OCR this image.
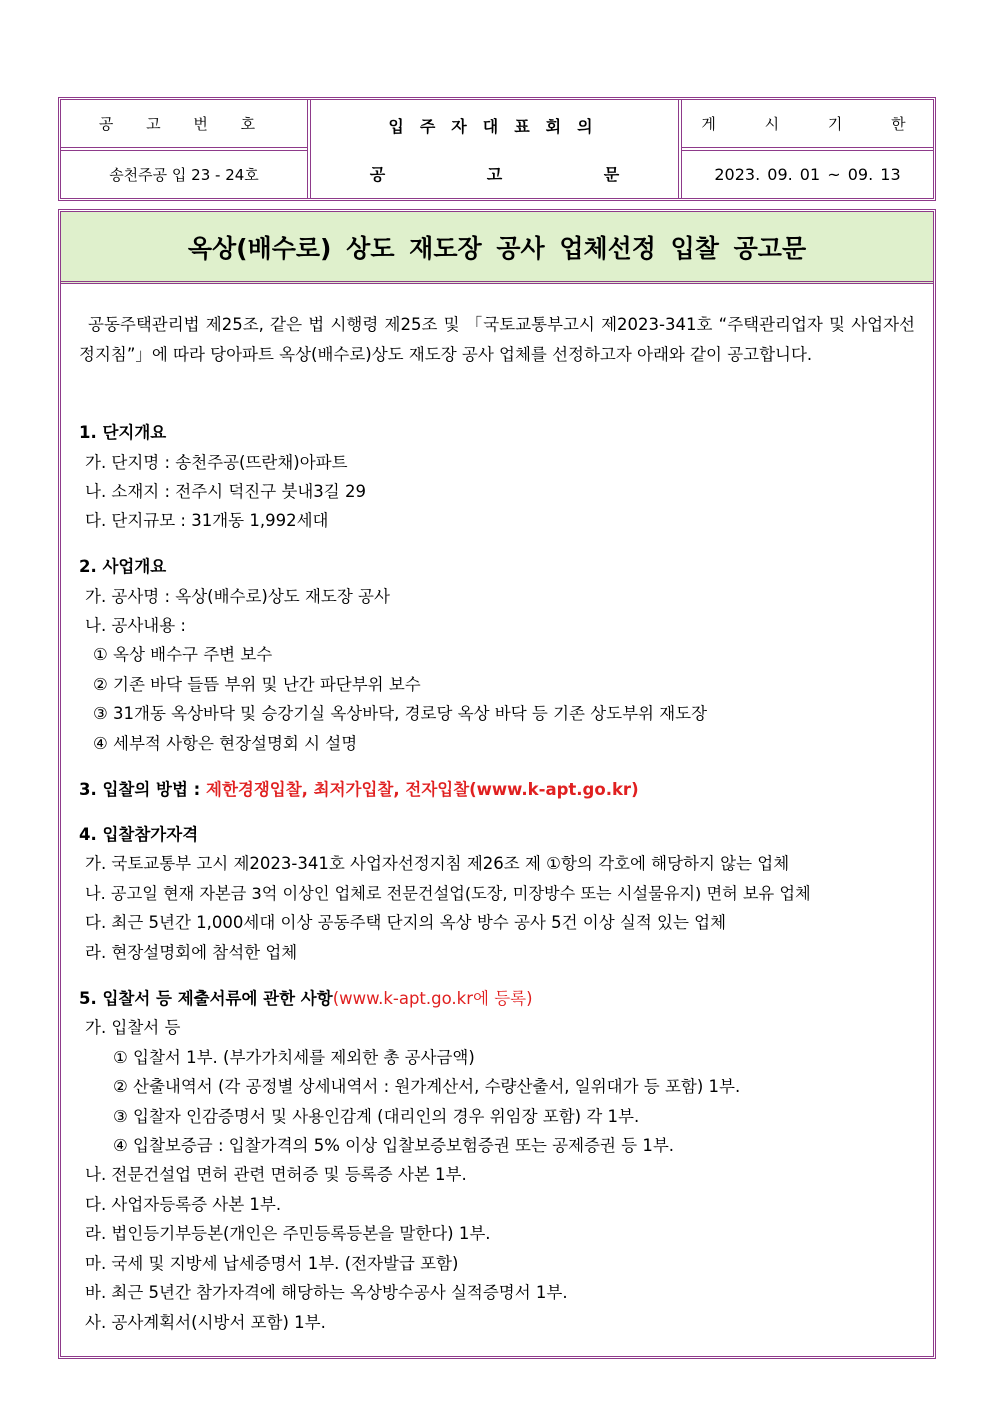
공 고 번 호
송천주공 입 23 - 24호
입주자대표회의
공 고 문
게 시 기 한
2023. 09. 01 ~ 09. 13
옥상(배수로) 상도 재도장 공사 업체선정 입찰 공고문

공동주택관리법 제25조, 같은 법 시행령 제25조 및 「국토교통부고시 제2023-341호 “주택관리업자 및 사업자선정지침”」에 따라 당아파트 옥상(배수로)상도 재도장 공사 업체를 선정하고자 아래와 같이 공고합니다.

1. 단지개요
가. 단지명 : 송천주공(뜨란채)아파트
나. 소재지 : 전주시 덕진구 붓내3길 29
다. 단지규모 : 31개동 1,992세대
2. 사업개요
가. 공사명 : 옥상(배수로)상도 재도장 공사
나. 공사내용 :
① 옥상 배수구 주변 보수
② 기존 바닥 들뜸 부위 및 난간 파단부위 보수
③ 31개동 옥상바닥 및 승강기실 옥상바닥, 경로당 옥상 바닥 등 기존 상도부위 재도장
④ 세부적 사항은 현장설명회 시 설명
3. 입찰의 방법 : 제한경쟁입찰, 최저가입찰, 전자입찰(www.k-apt.go.kr)
4. 입찰참가자격
가. 국토교통부 고시 제2023-341호 사업자선정지침 제26조 제 ①항의 각호에 해당하지 않는 업체
나. 공고일 현재 자본금 3억 이상인 업체로 전문건설업(도장, 미장방수 또는 시설물유지) 면허 보유 업체
다. 최근 5년간 1,000세대 이상 공동주택 단지의 옥상 방수 공사 5건 이상 실적 있는 업체
라. 현장설명회에 참석한 업체
5. 입찰서 등 제출서류에 관한 사항(www.k-apt.go.kr에 등록)
가. 입찰서 등
① 입찰서 1부. (부가가치세를 제외한 총 공사금액)
② 산출내역서 (각 공정별 상세내역서 : 원가계산서, 수량산출서, 일위대가 등 포함) 1부.
③ 입찰자 인감증명서 및 사용인감계 (대리인의 경우 위임장 포함) 각 1부.
④ 입찰보증금 : 입찰가격의 5% 이상 입찰보증보험증권 또는 공제증권 등 1부.
나. 전문건설업 면허 관련 면허증 및 등록증 사본 1부.
다. 사업자등록증 사본 1부.
라. 법인등기부등본(개인은 주민등록등본을 말한다) 1부.
마. 국세 및 지방세 납세증명서 1부. (전자발급 포함)
바. 최근 5년간 참가자격에 해당하는 옥상방수공사 실적증명서 1부.
사. 공사계획서(시방서 포함) 1부.
